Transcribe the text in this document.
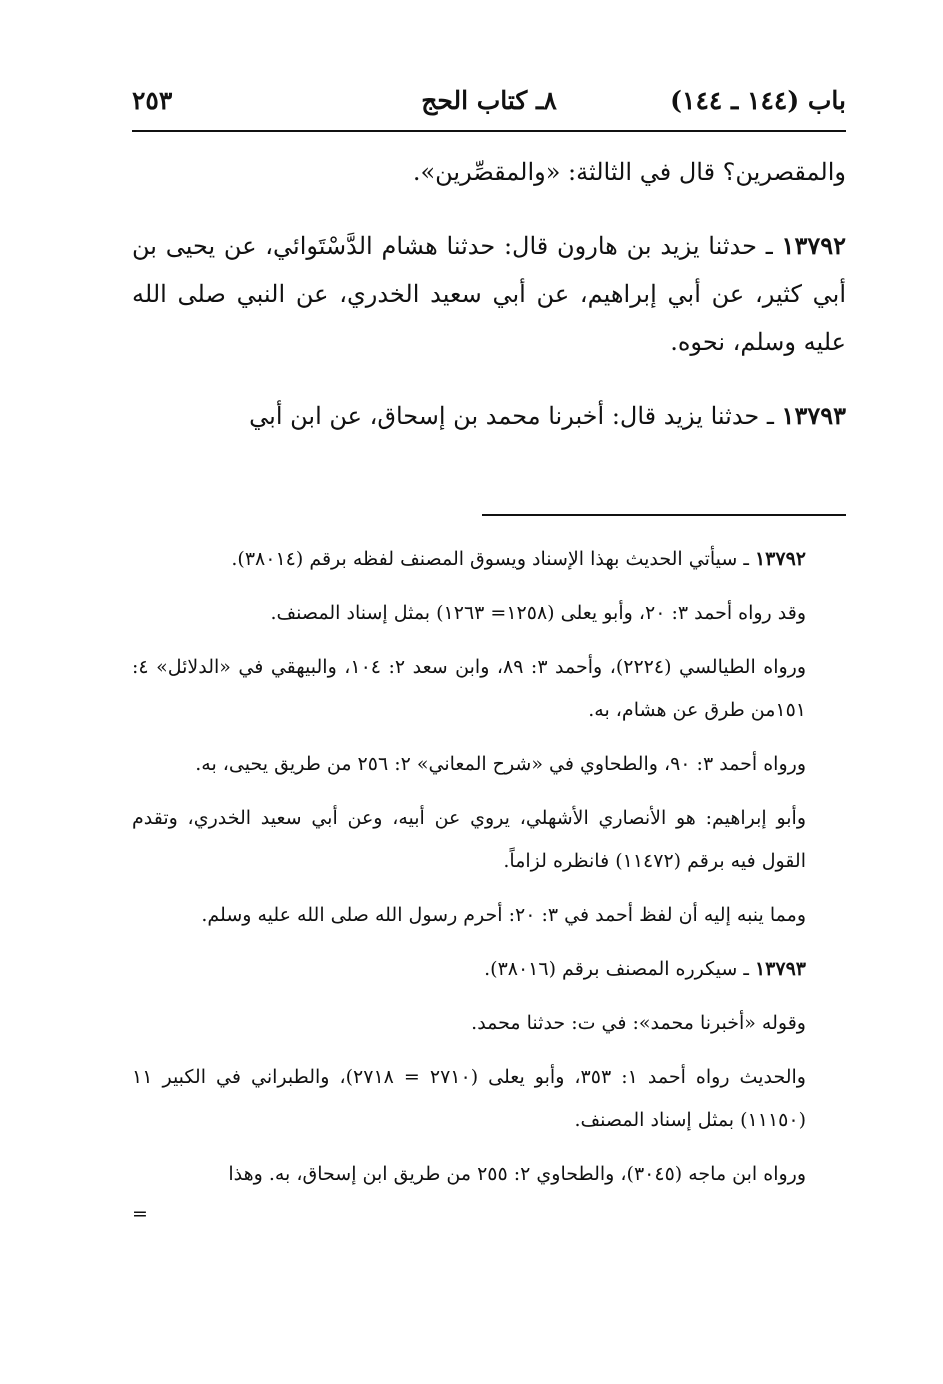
باب (١٤٤ ـ ١٤٤)
٨ـ كتاب الحج
٢٥٣

والمقصرين؟ قال في الثالثة: «والمقصِّرين».

١٣٧٩٢ ـ حدثنا يزيد بن هارون قال: حدثنا هشام الدَّسْتَوائي، عن يحيى بن أبي كثير، عن أبي إبراهيم، عن أبي سعيد الخدري، عن النبي صلى الله عليه وسلم، نحوه.

١٣٧٩٣ ـ حدثنا يزيد قال: أخبرنا محمد بن إسحاق، عن ابن أبي

١٣٧٩٢ ـ سيأتي الحديث بهذا الإسناد ويسوق المصنف لفظه برقم (٣٨٠١٤).

وقد رواه أحمد ٣: ٢٠، وأبو يعلى (١٢٥٨= ١٢٦٣) بمثل إسناد المصنف.

ورواه الطيالسي (٢٢٢٤)، وأحمد ٣: ٨٩، وابن سعد ٢: ١٠٤، والبيهقي في «الدلائل» ٤: ١٥١من طرق عن هشام، به.

ورواه أحمد ٣: ٩٠، والطحاوي في «شرح المعاني» ٢: ٢٥٦ من طريق يحيى، به.

وأبو إبراهيم: هو الأنصاري الأشهلي، يروي عن أبيه، وعن أبي سعيد الخدري، وتقدم القول فيه برقم (١١٤٧٢) فانظره لزاماً.

ومما ينبه إليه أن لفظ أحمد في ٣: ٢٠: أحرم رسول الله صلى الله عليه وسلم.

١٣٧٩٣ ـ سيكرره المصنف برقم (٣٨٠١٦).

وقوله «أخبرنا محمد»: في ت: حدثنا محمد.

والحديث رواه أحمد ١: ٣٥٣، وأبو يعلى (٢٧١٠ = ٢٧١٨)، والطبراني في الكبير ١١ (١١١٥٠) بمثل إسناد المصنف.

ورواه ابن ماجه (٣٠٤٥)، والطحاوي ٢: ٢٥٥ من طريق ابن إسحاق، به. وهذا

=
